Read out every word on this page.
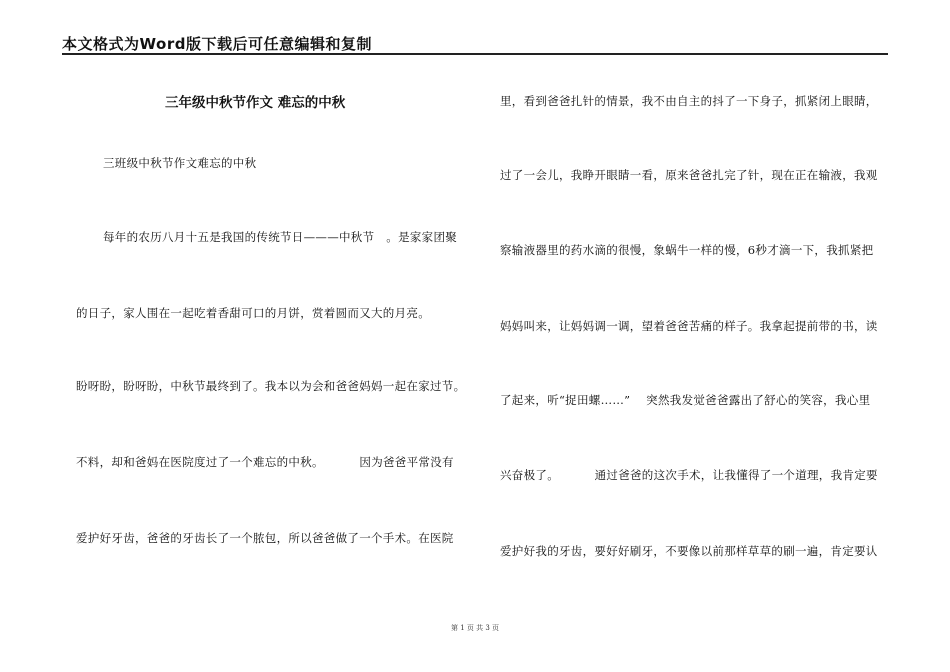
本文格式为Word版下载后可任意编辑和复制
三年级中秋节作文 难忘的中秋
三班级中秋节作文难忘的中秋
每年的农历八月十五是我国的传统节日———中秋节   。是家家团聚
的日子，家人围在一起吃着香甜可口的月饼，赏着圆而又大的月亮。
盼呀盼，盼呀盼，中秋节最终到了。我本以为会和爸爸妈妈一起在家过节。
不料，却和爸妈在医院度过了一个难忘的中秋。         因为爸爸平常没有
爱护好牙齿，爸爸的牙齿长了一个脓包，所以爸爸做了一个手术。在医院
里，看到爸爸扎针的情景，我不由自主的抖了一下身子，抓紧闭上眼睛，
过了一会儿，我睁开眼睛一看，原来爸爸扎完了针，现在正在输液，我观
察输液器里的药水滴的很慢，象蜗牛一样的慢，6秒才滴一下，我抓紧把
妈妈叫来，让妈妈调一调，望着爸爸苦痛的样子。我拿起提前带的书，读
了起来，听“捉田螺……”    突然我发觉爸爸露出了舒心的笑容，我心里
兴奋极了。         通过爸爸的这次手术，让我懂得了一个道理，我肯定要
爱护好我的牙齿，要好好刷牙，不要像以前那样草草的刷一遍，肯定要认
第 1 页 共 3 页
